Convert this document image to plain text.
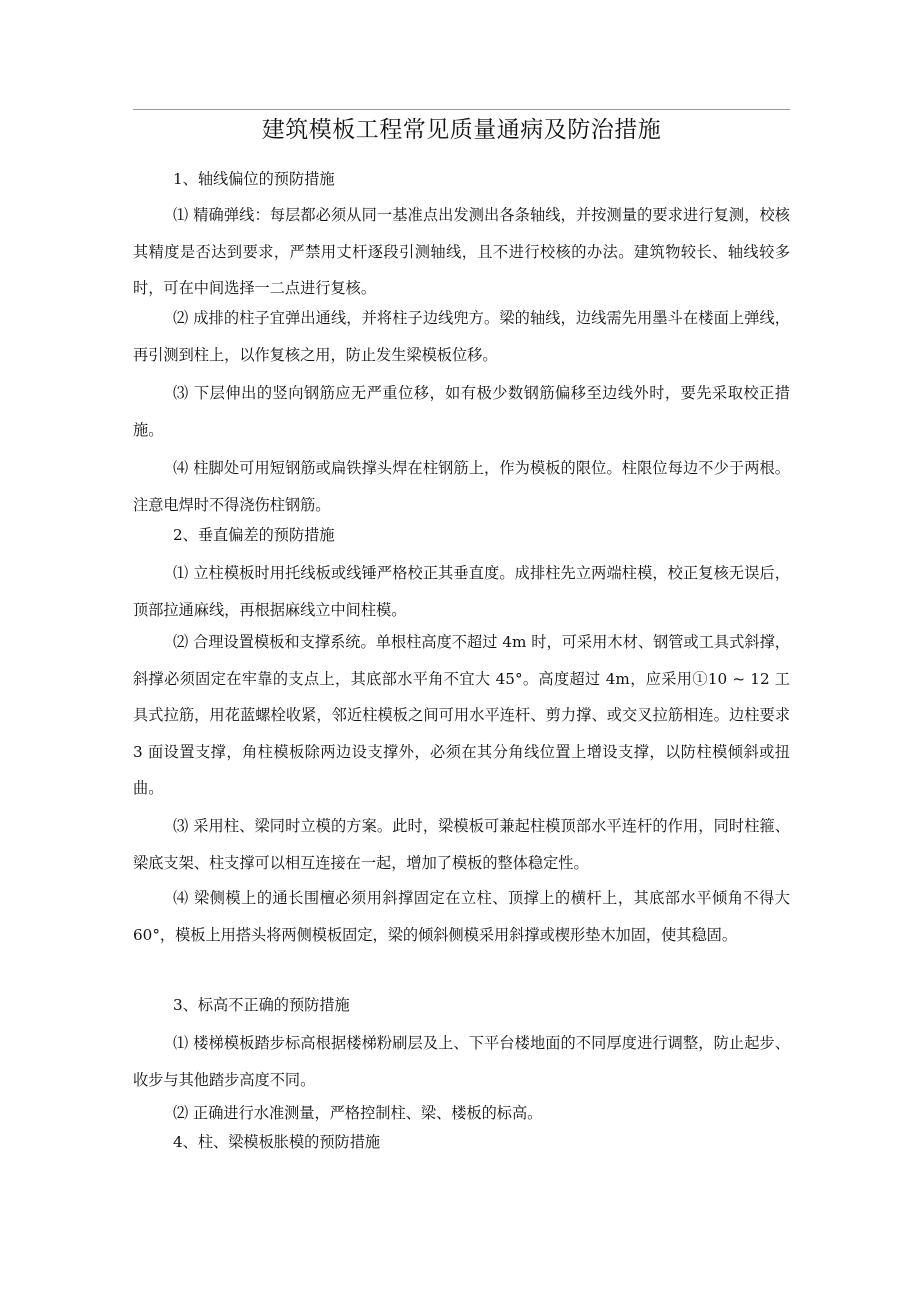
建筑模板工程常见质量通病及防治措施

1、轴线偏位的预防措施

⑴ 精确弹线：每层都必须从同一基准点出发测出各条轴线，并按测量的要求进行复测，校核其精度是否达到要求，严禁用丈杆逐段引测轴线，且不进行校核的办法。建筑物较长、轴线较多时，可在中间选择一二点进行复核。

⑵ 成排的柱子宜弹出通线，并将柱子边线兜方。梁的轴线，边线需先用墨斗在楼面上弹线，再引测到柱上，以作复核之用，防止发生梁模板位移。

⑶ 下层伸出的竖向钢筋应无严重位移，如有极少数钢筋偏移至边线外时，要先采取校正措施。

⑷ 柱脚处可用短钢筋或扁铁撑头焊在柱钢筋上，作为模板的限位。柱限位每边不少于两根。注意电焊时不得浇伤柱钢筋。

2、垂直偏差的预防措施

⑴ 立柱模板时用托线板或线锤严格校正其垂直度。成排柱先立两端柱模，校正复核无误后，顶部拉通麻线，再根据麻线立中间柱模。

⑵ 合理设置模板和支撑系统。单根柱高度不超过 4m 时，可采用木材、钢管或工具式斜撑，斜撑必须固定在牢靠的支点上，其底部水平角不宜大 45°。高度超过 4m，应采用①10 ~ 12 工具式拉筋，用花蓝螺栓收紧，邻近柱模板之间可用水平连杆、剪力撑、或交叉拉筋相连。边柱要求 3 面设置支撑，角柱模板除两边设支撑外，必须在其分角线位置上增设支撑，以防柱模倾斜或扭曲。

⑶ 采用柱、梁同时立模的方案。此时，梁模板可兼起柱模顶部水平连杆的作用，同时柱箍、梁底支架、柱支撑可以相互连接在一起，增加了模板的整体稳定性。

⑷ 梁侧模上的通长围檀必须用斜撑固定在立柱、顶撑上的横杆上，其底部水平倾角不得大 60°，模板上用搭头将两侧模板固定，梁的倾斜侧模采用斜撑或楔形垫木加固，使其稳固。

3、标高不正确的预防措施

⑴ 楼梯模板踏步标高根据楼梯粉刷层及上、下平台楼地面的不同厚度进行调整，防止起步、收步与其他踏步高度不同。

⑵ 正确进行水准测量，严格控制柱、梁、楼板的标高。

4、柱、梁模板胀模的预防措施
